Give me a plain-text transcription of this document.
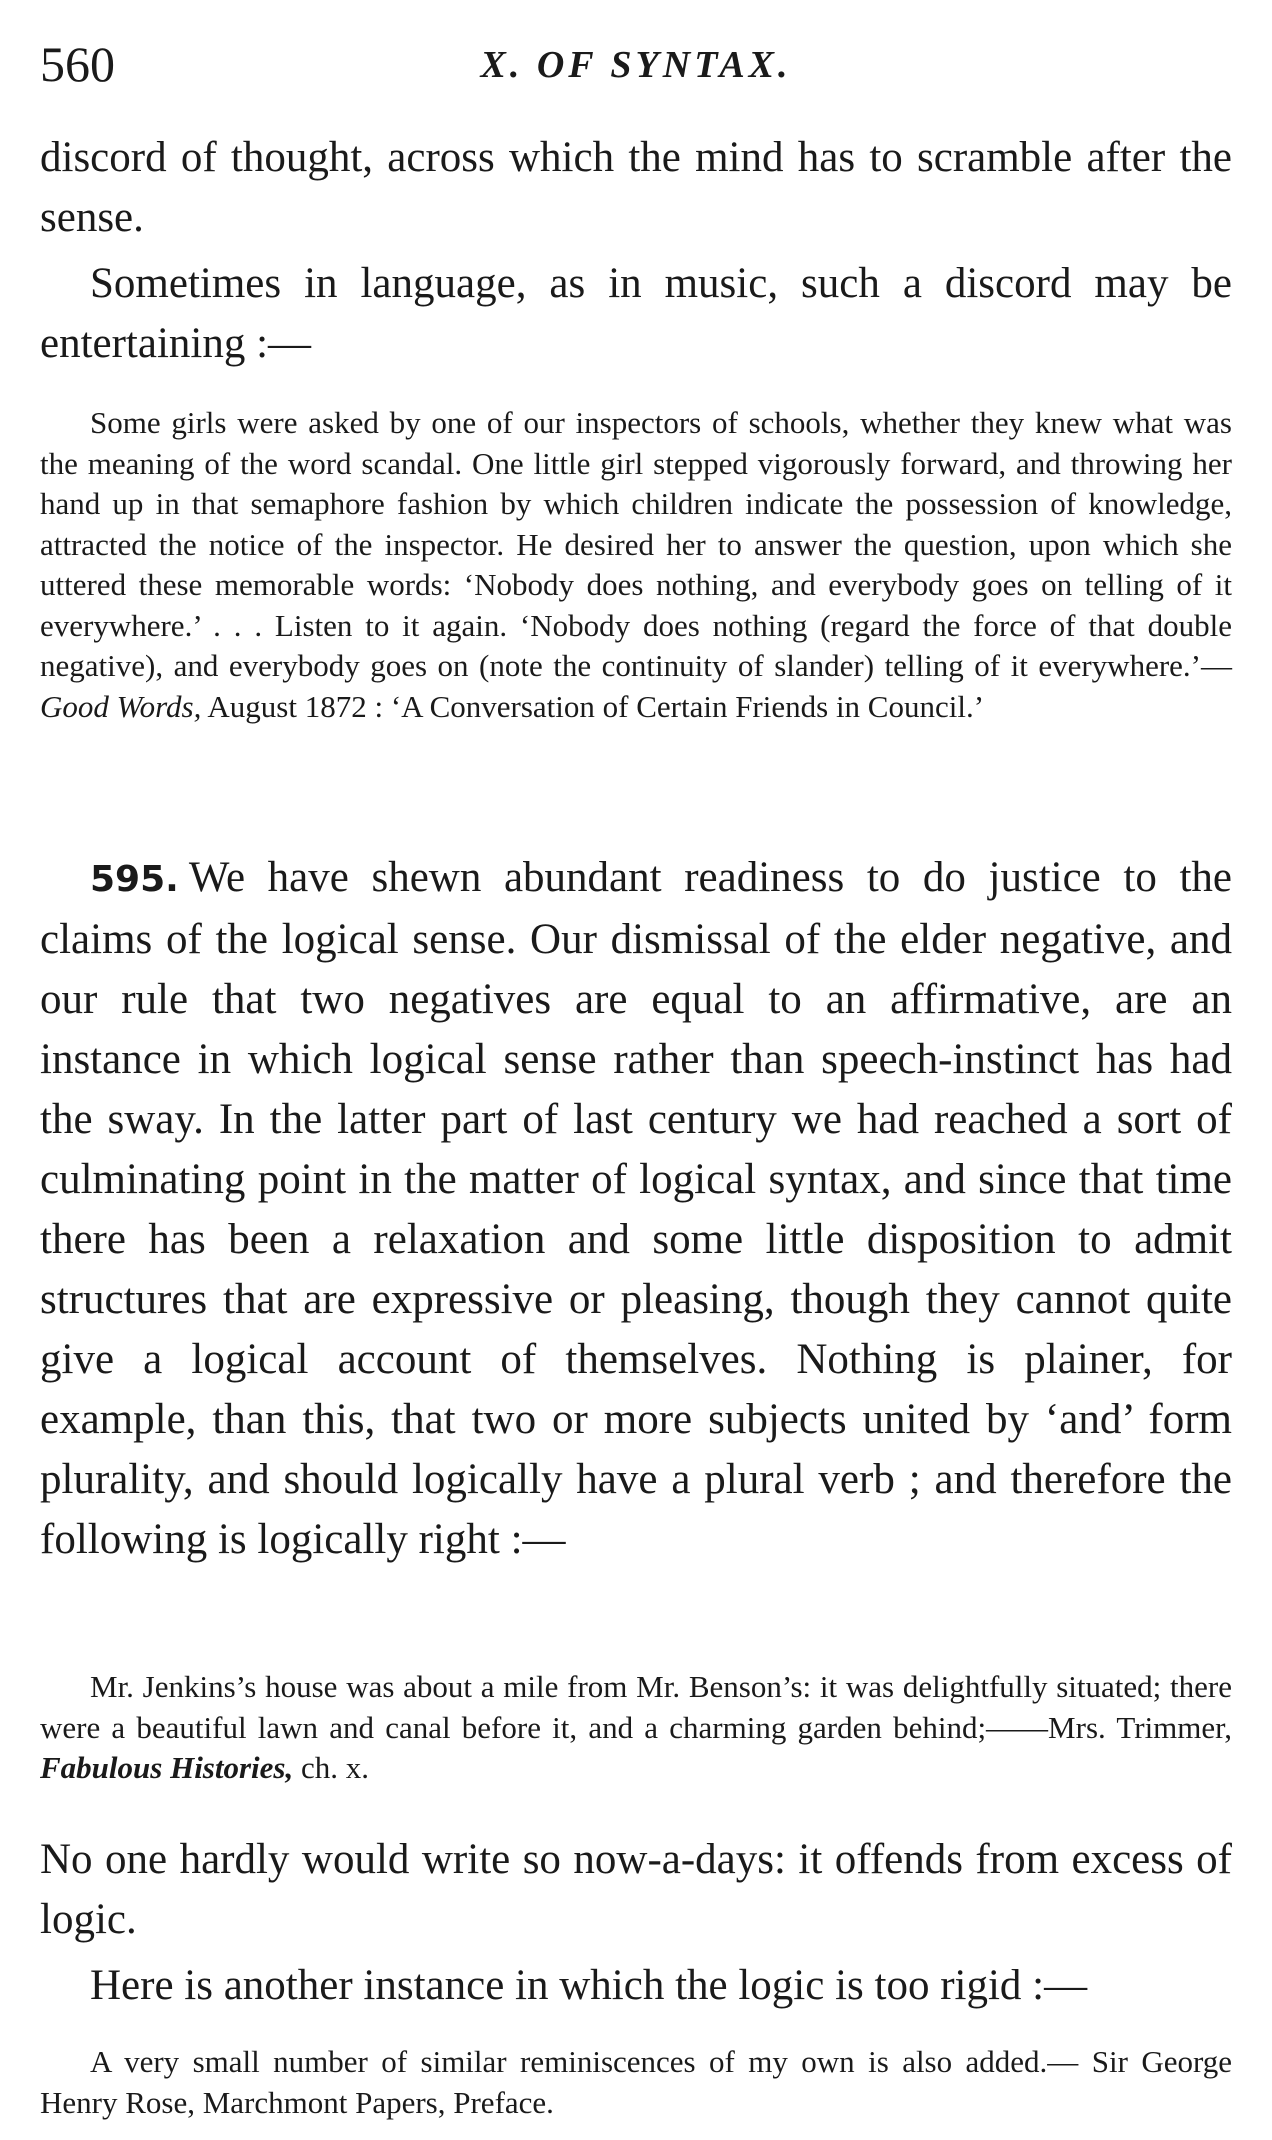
560	X. OF SYNTAX.

discord of thought, across which the mind has to scramble after the sense.

Sometimes in language, as in music, such a discord may be entertaining :—

Some girls were asked by one of our inspectors of schools, whether they knew what was the meaning of the word scandal. One little girl stepped vigorously forward, and throwing her hand up in that semaphore fashion by which children indicate the possession of knowledge, attracted the notice of the inspector. He desired her to answer the question, upon which she uttered these memorable words: ‘Nobody does nothing, and everybody goes on telling of it everywhere.’ . . . Listen to it again. ‘Nobody does nothing (regard the force of that double negative), and everybody goes on (note the continuity of slander) telling of it everywhere.’—Good Words, August 1872 : ‘A Conversation of Certain Friends in Council.’

595. We have shewn abundant readiness to do justice to the claims of the logical sense. Our dismissal of the elder negative, and our rule that two negatives are equal to an affirmative, are an instance in which logical sense rather than speech-instinct has had the sway. In the latter part of last century we had reached a sort of culminating point in the matter of logical syntax, and since that time there has been a relaxation and some little disposition to admit structures that are expressive or pleasing, though they cannot quite give a logical account of themselves. Nothing is plainer, for example, than this, that two or more subjects united by ‘and’ form plurality, and should logically have a plural verb ; and therefore the following is logically right :—

Mr. Jenkins’s house was about a mile from Mr. Benson’s: it was delightfully situated; there were a beautiful lawn and canal before it, and a charming garden behind;——Mrs. Trimmer, Fabulous Histories, ch. x.

No one hardly would write so now-a-days: it offends from excess of logic.

Here is another instance in which the logic is too rigid :—

A very small number of similar reminiscences of my own is also added.— Sir George Henry Rose, Marchmont Papers, Preface.
